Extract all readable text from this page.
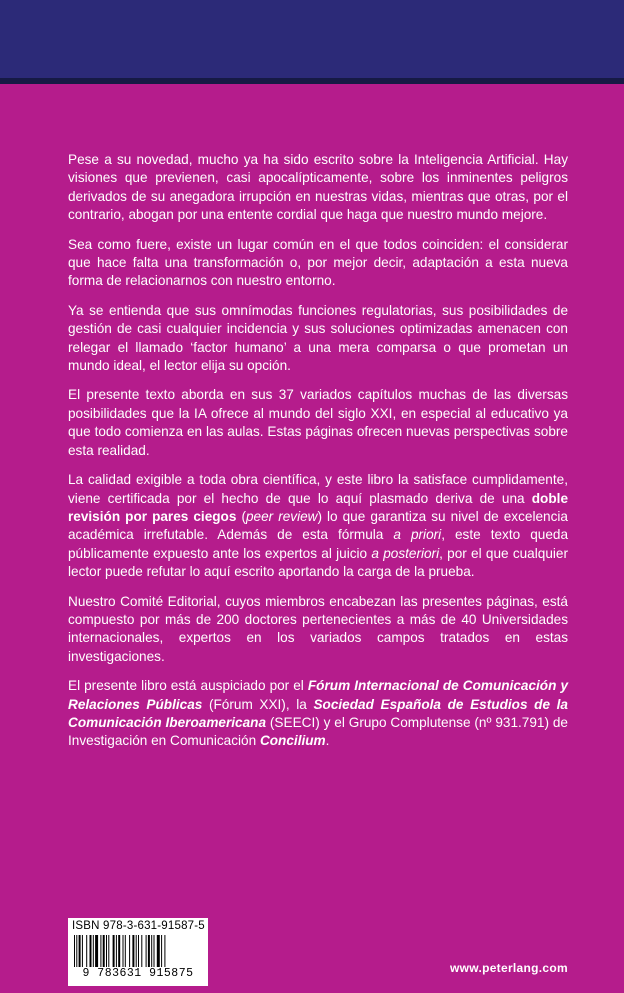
Pese a su novedad, mucho ya ha sido escrito sobre la Inteligencia Artificial. Hay visiones que previenen, casi apocalípticamente, sobre los inminentes peligros derivados de su anegadora irrupción en nuestras vidas, mientras que otras, por el contrario, abogan por una entente cordial que haga que nuestro mundo mejore.

Sea como fuere, existe un lugar común en el que todos coinciden: el considerar que hace falta una transformación o, por mejor decir, adaptación a esta nueva forma de relacionarnos con nuestro entorno.

Ya se entienda que sus omnímodas funciones regulatorias, sus posibilidades de gestión de casi cualquier incidencia y sus soluciones optimizadas amenacen con relegar el llamado ‘factor humano’ a una mera comparsa o que prometan un mundo ideal, el lector elija su opción.

El presente texto aborda en sus 37 variados capítulos muchas de las diversas posibilidades que la IA ofrece al mundo del siglo XXI, en especial al educativo ya que todo comienza en las aulas. Estas páginas ofrecen nuevas perspectivas sobre esta realidad.

La calidad exigible a toda obra científica, y este libro la satisface cumplidamente, viene certificada por el hecho de que lo aquí plasmado deriva de una doble revisión por pares ciegos (peer review) lo que garantiza su nivel de excelencia académica irrefutable. Además de esta fórmula a priori, este texto queda públicamente expuesto ante los expertos al juicio a posteriori, por el que cualquier lector puede refutar lo aquí escrito aportando la carga de la prueba.

Nuestro Comité Editorial, cuyos miembros encabezan las presentes páginas, está compuesto por más de 200 doctores pertenecientes a más de 40 Universidades internacionales, expertos en los variados campos tratados en estas investigaciones.

El presente libro está auspiciado por el Fórum Internacional de Comunicación y Relaciones Públicas (Fórum XXI), la Sociedad Española de Estudios de la Comunicación Iberoamericana (SEECI) y el Grupo Complutense (nº 931.791) de Investigación en Comunicación Concilium.

ISBN 978-3-631-91587-5
9 783631 915875	www.peterlang.com
